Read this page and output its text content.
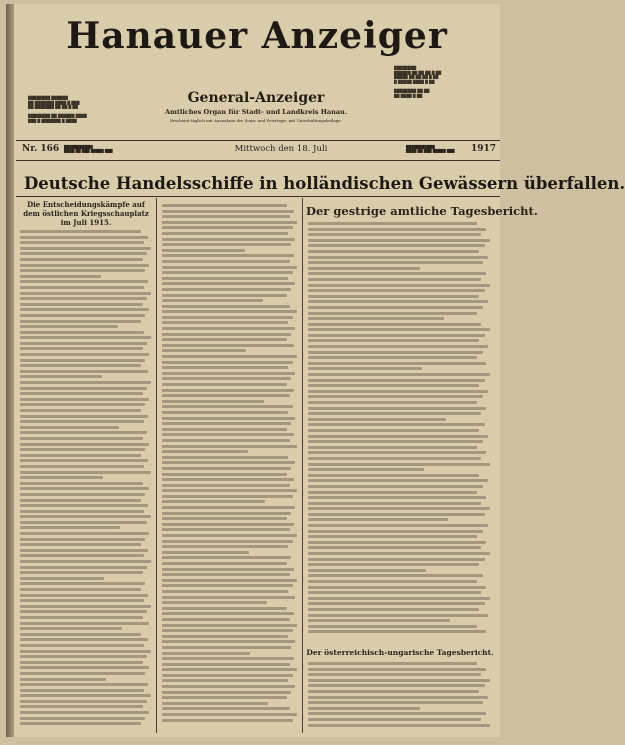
Hanauer Anzeiger
████████ ██████
██ ███████ ████ █ ███
██ ███████ ██ ██ █ ██

████████ ██ ██████ ████
███ █ ███████ █ ████
████████
██████ ██ ██ ██ █ ██
█████ ██ ██ ██ █ ██
█ █████ ████ █ ██

████████ ██ ██
██ ████ █ ██
General-Anzeiger
Amtliches Organ für Stadt- und Landkreis Hanau.
Erscheint täglich mit Ausnahme der Sonn- und Feiertage, mit Unterhaltungsbeilage.
Nr. 166 ███████████
████ ██ ███ █████ ███	Mittwoch den 18. Juli	███████████
████ ██ ███ █████ ███ 1917
Deutsche Handelsschiffe in holländischen Gewässern überfallen.
Die Entscheidungskämpfe auf dem östlichen Kriegsschauplatz im Juli 1915.
Der gestrige amtliche Tagesbericht.
Der österreichisch-ungarische Tagesbericht.
